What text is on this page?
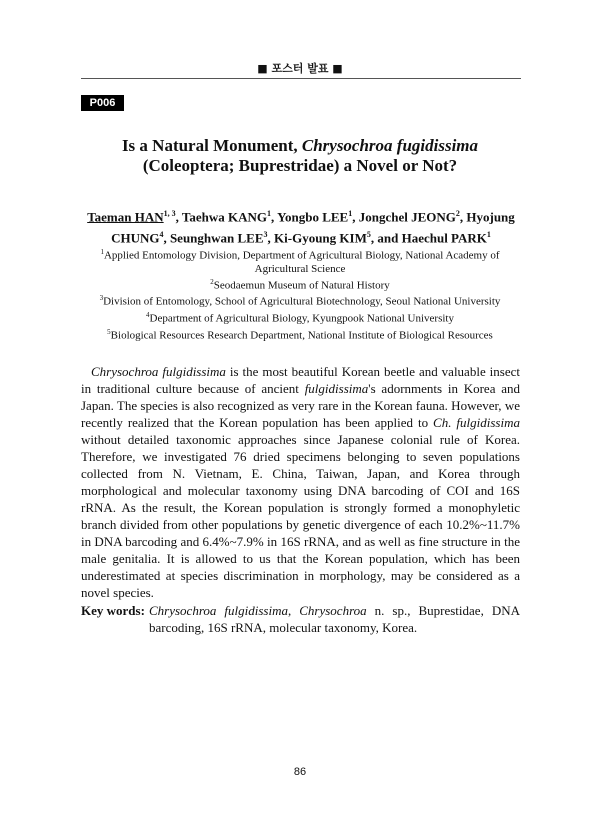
■ 포스터 발표 ■
P006
Is a Natural Monument, Chrysochroa fugidissima
(Coleoptera; Buprestridae) a Novel or Not?
Taeman HAN$^{1, 3}$, Taehwa KANG$^1$, Yongbo LEE$^1$, Jongchel JEONG$^2$, Hyojung CHUNG$^4$, Seunghwan LEE$^3$, Ki-Gyoung KIM$^5$, and Haechul PARK$^1$
$^1$Applied Entomology Division, Department of Agricultural Biology, National Academy of
Agricultural Science
$^2$Seodaemun Museum of Natural History
$^3$Division of Entomology, School of Agricultural Biotechnology, Seoul National University
$^4$Department of Agricultural Biology, Kyungpook National University
$^5$Biological Resources Research Department, National Institute of Biological Resources

Chrysochroa fulgidissima is the most beautiful Korean beetle and valuable insect in traditional culture because of ancient fulgidissima's adornments in Korea and Japan. The species is also recognized as very rare in the Korean fauna. However, we recently realized that the Korean population has been applied to Ch. fulgidissima without detailed taxonomic approaches since Japanese colonial rule of Korea. Therefore, we investigated 76 dried specimens belonging to seven populations collected from N. Vietnam, E. China, Taiwan, Japan, and Korea through morphological and molecular taxonomy using DNA barcoding of COI and 16S rRNA. As the result, the Korean population is strongly formed a monophyletic branch divided from other populations by genetic divergence of each 10.2%~11.7% in DNA barcoding and 6.4%~7.9% in 16S rRNA, and as well as fine structure in the male genitalia. It is allowed to us that the Korean population, which has been underestimated at species discrimination in morphology, may be considered as a novel species.

Key words: Chrysochroa fulgidissima, Chrysochroa n. sp., Buprestidae, DNA barcoding, 16S rRNA, molecular taxonomy, Korea.
86
